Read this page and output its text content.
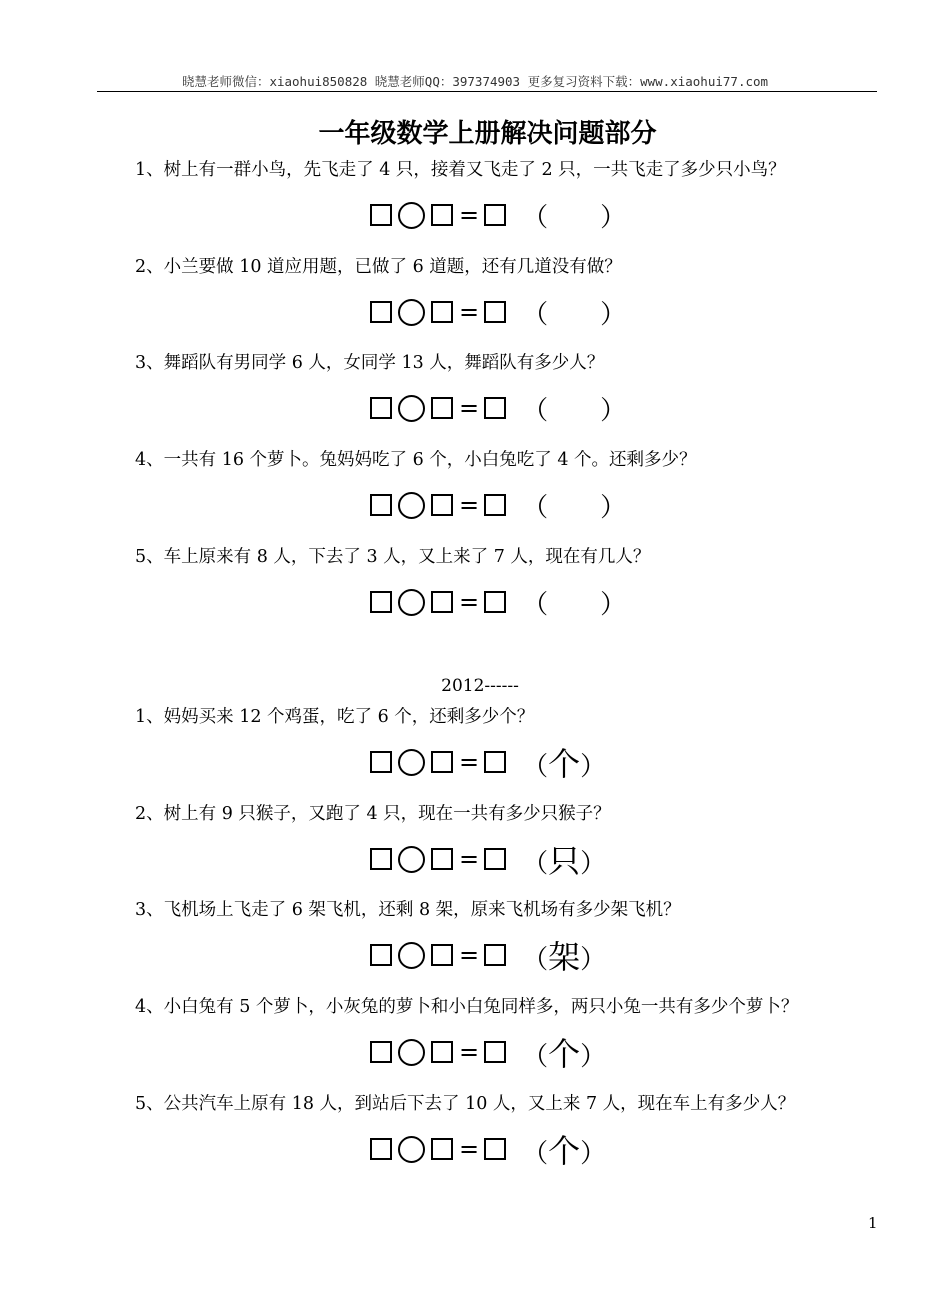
晓慧老师微信：xiaohui850828 晓慧老师QQ：397374903 更多复习资料下载：www.xiaohui77.com
一年级数学上册解决问题部分
1、树上有一群小鸟，先飞走了 4 只，接着又飞走了 2 只，一共飞走了多少只小鸟？
= （　　）
2、小兰要做 10 道应用题，已做了 6 道题，还有几道没有做？
= （　　）
3、舞蹈队有男同学 6 人，女同学 13 人，舞蹈队有多少人？
= （　　）
4、一共有 16 个萝卜。兔妈妈吃了 6 个，小白兔吃了 4 个。还剩多少？
= （　　）
5、车上原来有 8 人，下去了 3 人，又上来了 7 人，现在有几人？
= （　　）
2012------
1、妈妈买来 12 个鸡蛋，吃了 6 个，还剩多少个？
= （个）
2、树上有 9 只猴子，又跑了 4 只，现在一共有多少只猴子？
= （只）
3、飞机场上飞走了 6 架飞机，还剩 8 架，原来飞机场有多少架飞机？
= （架）
4、小白兔有 5 个萝卜，小灰兔的萝卜和小白兔同样多，两只小兔一共有多少个萝卜？
= （个）
5、公共汽车上原有 18 人，到站后下去了 10 人，又上来 7 人，现在车上有多少人？
= （个）
1
